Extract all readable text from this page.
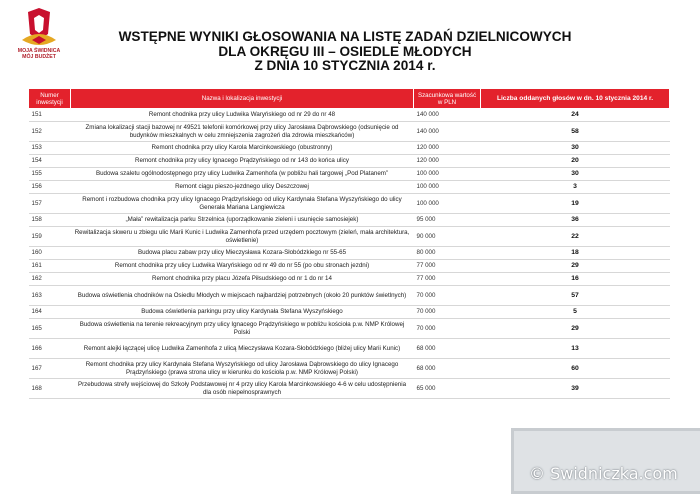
MOJA ŚWIDNICA
MÓJ BUDŻET
WSTĘPNE WYNIKI GŁOSOWANIA NA LISTĘ ZADAŃ DZIELNICOWYCH
DLA OKRĘGU III – OSIEDLE MŁODYCH
Z DNIA 10 STYCZNIA 2014 r.
Numer inwestycji	Nazwa i lokalizacja inwestycji	Szacunkowa wartość w PLN	Liczba oddanych głosów w dn. 10 stycznia 2014 r.
151	Remont chodnika przy ulicy Ludwika Waryńskiego od nr 29 do nr 48	140 000	24
152	Zmiana lokalizacji stacji bazowej nr 49521 telefonii komórkowej przy ulicy Jarosława Dąbrowskiego (odsunięcie od budynków mieszkalnych w celu zmniejszenia zagrożeń dla zdrowia mieszkańców)	140 000	58
153	Remont chodnika przy ulicy Karola Marcinkowskiego (obustronny)	120 000	30
154	Remont chodnika przy ulicy Ignacego Prądzyńskiego od nr 143 do końca ulicy	120 000	20
155	Budowa szaletu ogólnodostępnego przy ulicy Ludwika Zamenhofa (w pobliżu hali targowej „Pod Platanem”	100 000	30
156	Remont ciągu pieszo-jezdnego ulicy Deszczowej	100 000	3
157	Remont i rozbudowa chodnika przy ulicy Ignacego Prądzyńskiego od ulicy Kardynała Stefana Wyszyńskiego do ulicy Generała Mariana Langiewicza	100 000	19
158	„Mała” rewitalizacja parku Strzelnica (uporządkowanie zieleni i usunięcie samosiejek)	95 000	36
159	Rewitalizacja skweru u zbiegu ulic Marii Kunic i Ludwika Zamenhofa przed urzędem pocztowym (zieleń, mała architektura, oświetlenie)	90 000	22
160	Budowa placu zabaw przy ulicy Mieczysława Kozara-Słobódzkiego nr 55-65	80 000	18
161	Remont chodnika przy ulicy Ludwika Waryńskiego od nr 49 do nr 55 (po obu stronach jezdni)	77 000	29
162	Remont chodnika przy placu Józefa Piłsudskiego od nr 1 do nr 14	77 000	16
163	Budowa oświetlenia chodników na Osiedlu Młodych w miejscach najbardziej potrzebnych (około 20 punktów świetlnych)	70 000	57
164	Budowa oświetlenia parkingu przy ulicy Kardynała Stefana Wyszyńskiego	70 000	5
165	Budowa oświetlenia na terenie rekreacyjnym przy ulicy Ignacego Prądzyńskiego w pobliżu kościoła p.w. NMP Królowej Polski	70 000	29
166	Remont alejki łączącej ulicę Ludwika Zamenhofa z ulicą Mieczysława Kozara-Słobódzkiego (bliżej ulicy Marii Kunic)	68 000	13
167	Remont chodnika przy ulicy Kardynała Stefana Wyszyńskiego od ulicy Jarosława Dąbrowskiego do ulicy Ignacego Prądzyńskiego (prawa strona ulicy w kierunku do kościoła p.w. NMP Królowej Polski)	68 000	60
168	Przebudowa strefy wejściowej do Szkoły Podstawowej nr 4 przy ulicy Karola Marcinkowskiego 4-6 w celu udostępnienia dla osób niepełnosprawnych	65 000	39
© Swidniczka.com
